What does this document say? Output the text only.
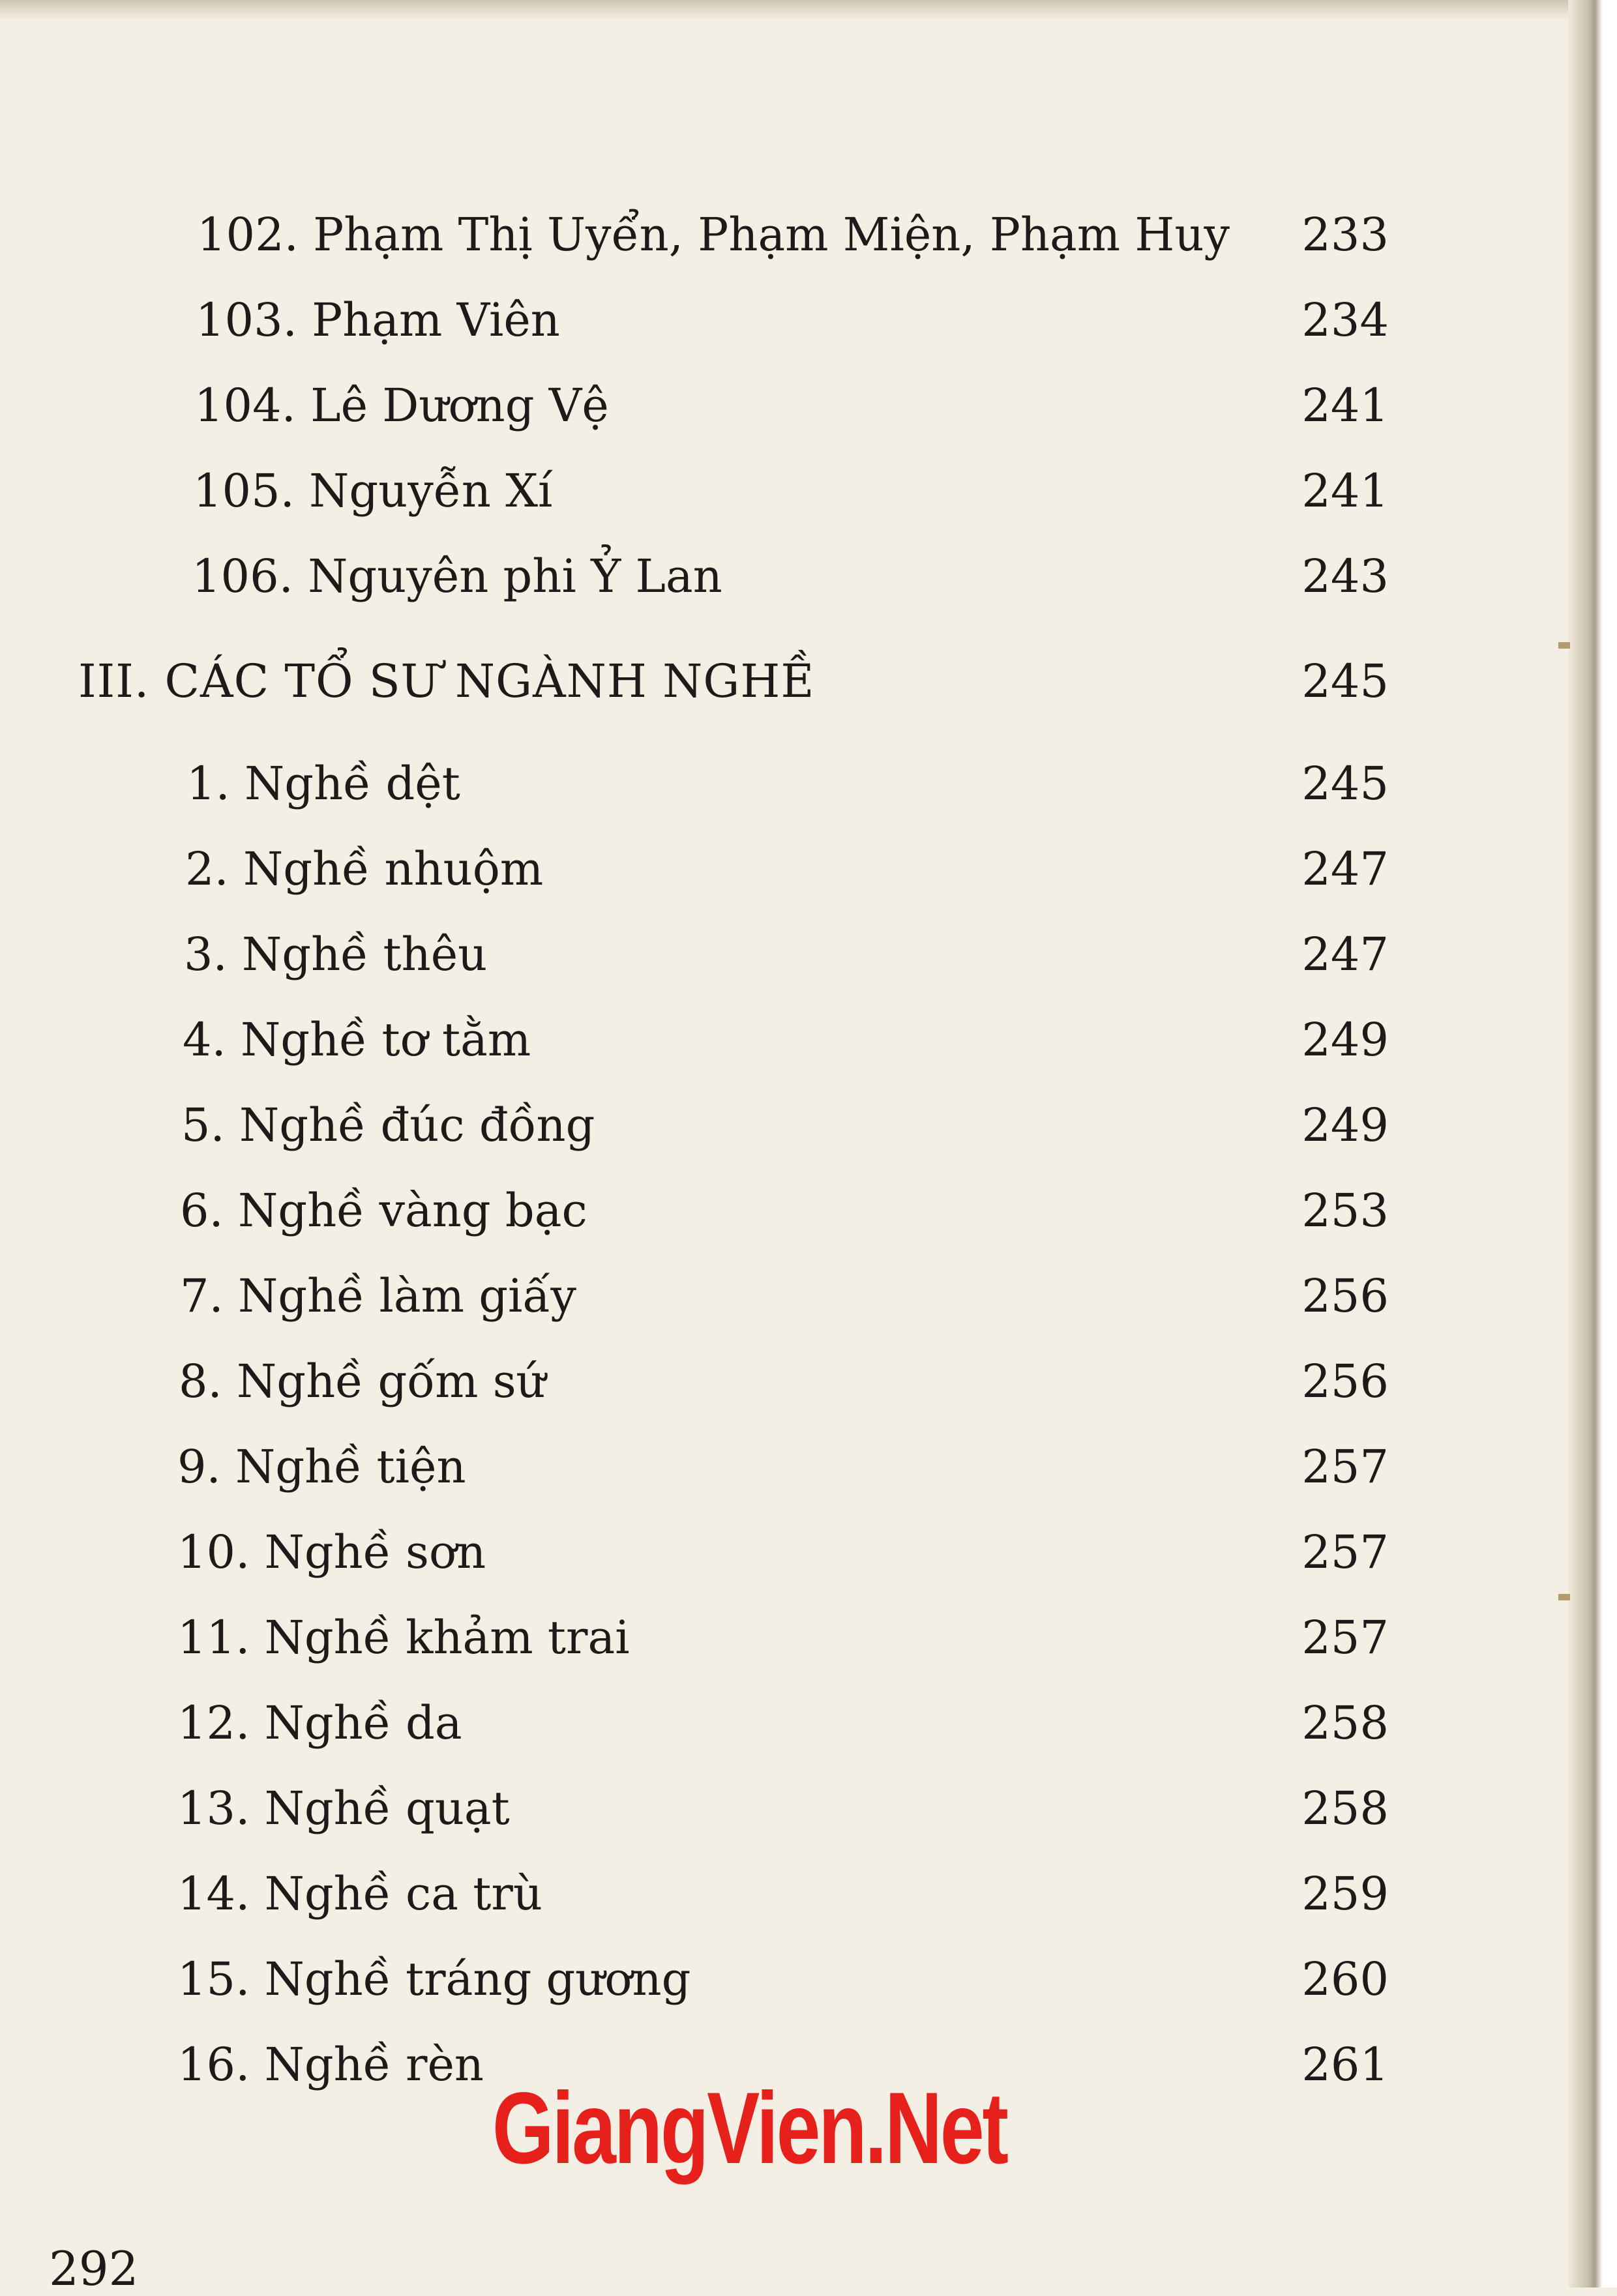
102. Phạm Thị Uyển, Phạm Miện, Phạm Huy 233
103. Phạm Viên	234
104. Lê Dương Vệ	241
105. Nguyễn Xí	241
106. Nguyên phi Ỷ Lan	243
III. CÁC TỔ SƯ NGÀNH NGHỀ	245
1. Nghề dệt	245
2. Nghề nhuộm	247
3. Nghề thêu	247
4. Nghề tơ tằm	249
5. Nghề đúc đồng	249
6. Nghề vàng bạc	253
7. Nghề làm giấy	256
8. Nghề gốm sứ	256
9. Nghề tiện	257
10. Nghề sơn	257
11. Nghề khảm trai	257
12. Nghề da	258
13. Nghề quạt	258
14. Nghề ca trù	259
15. Nghề tráng gương	260
16. Nghề rèn	261
GiangVien.Net
292
